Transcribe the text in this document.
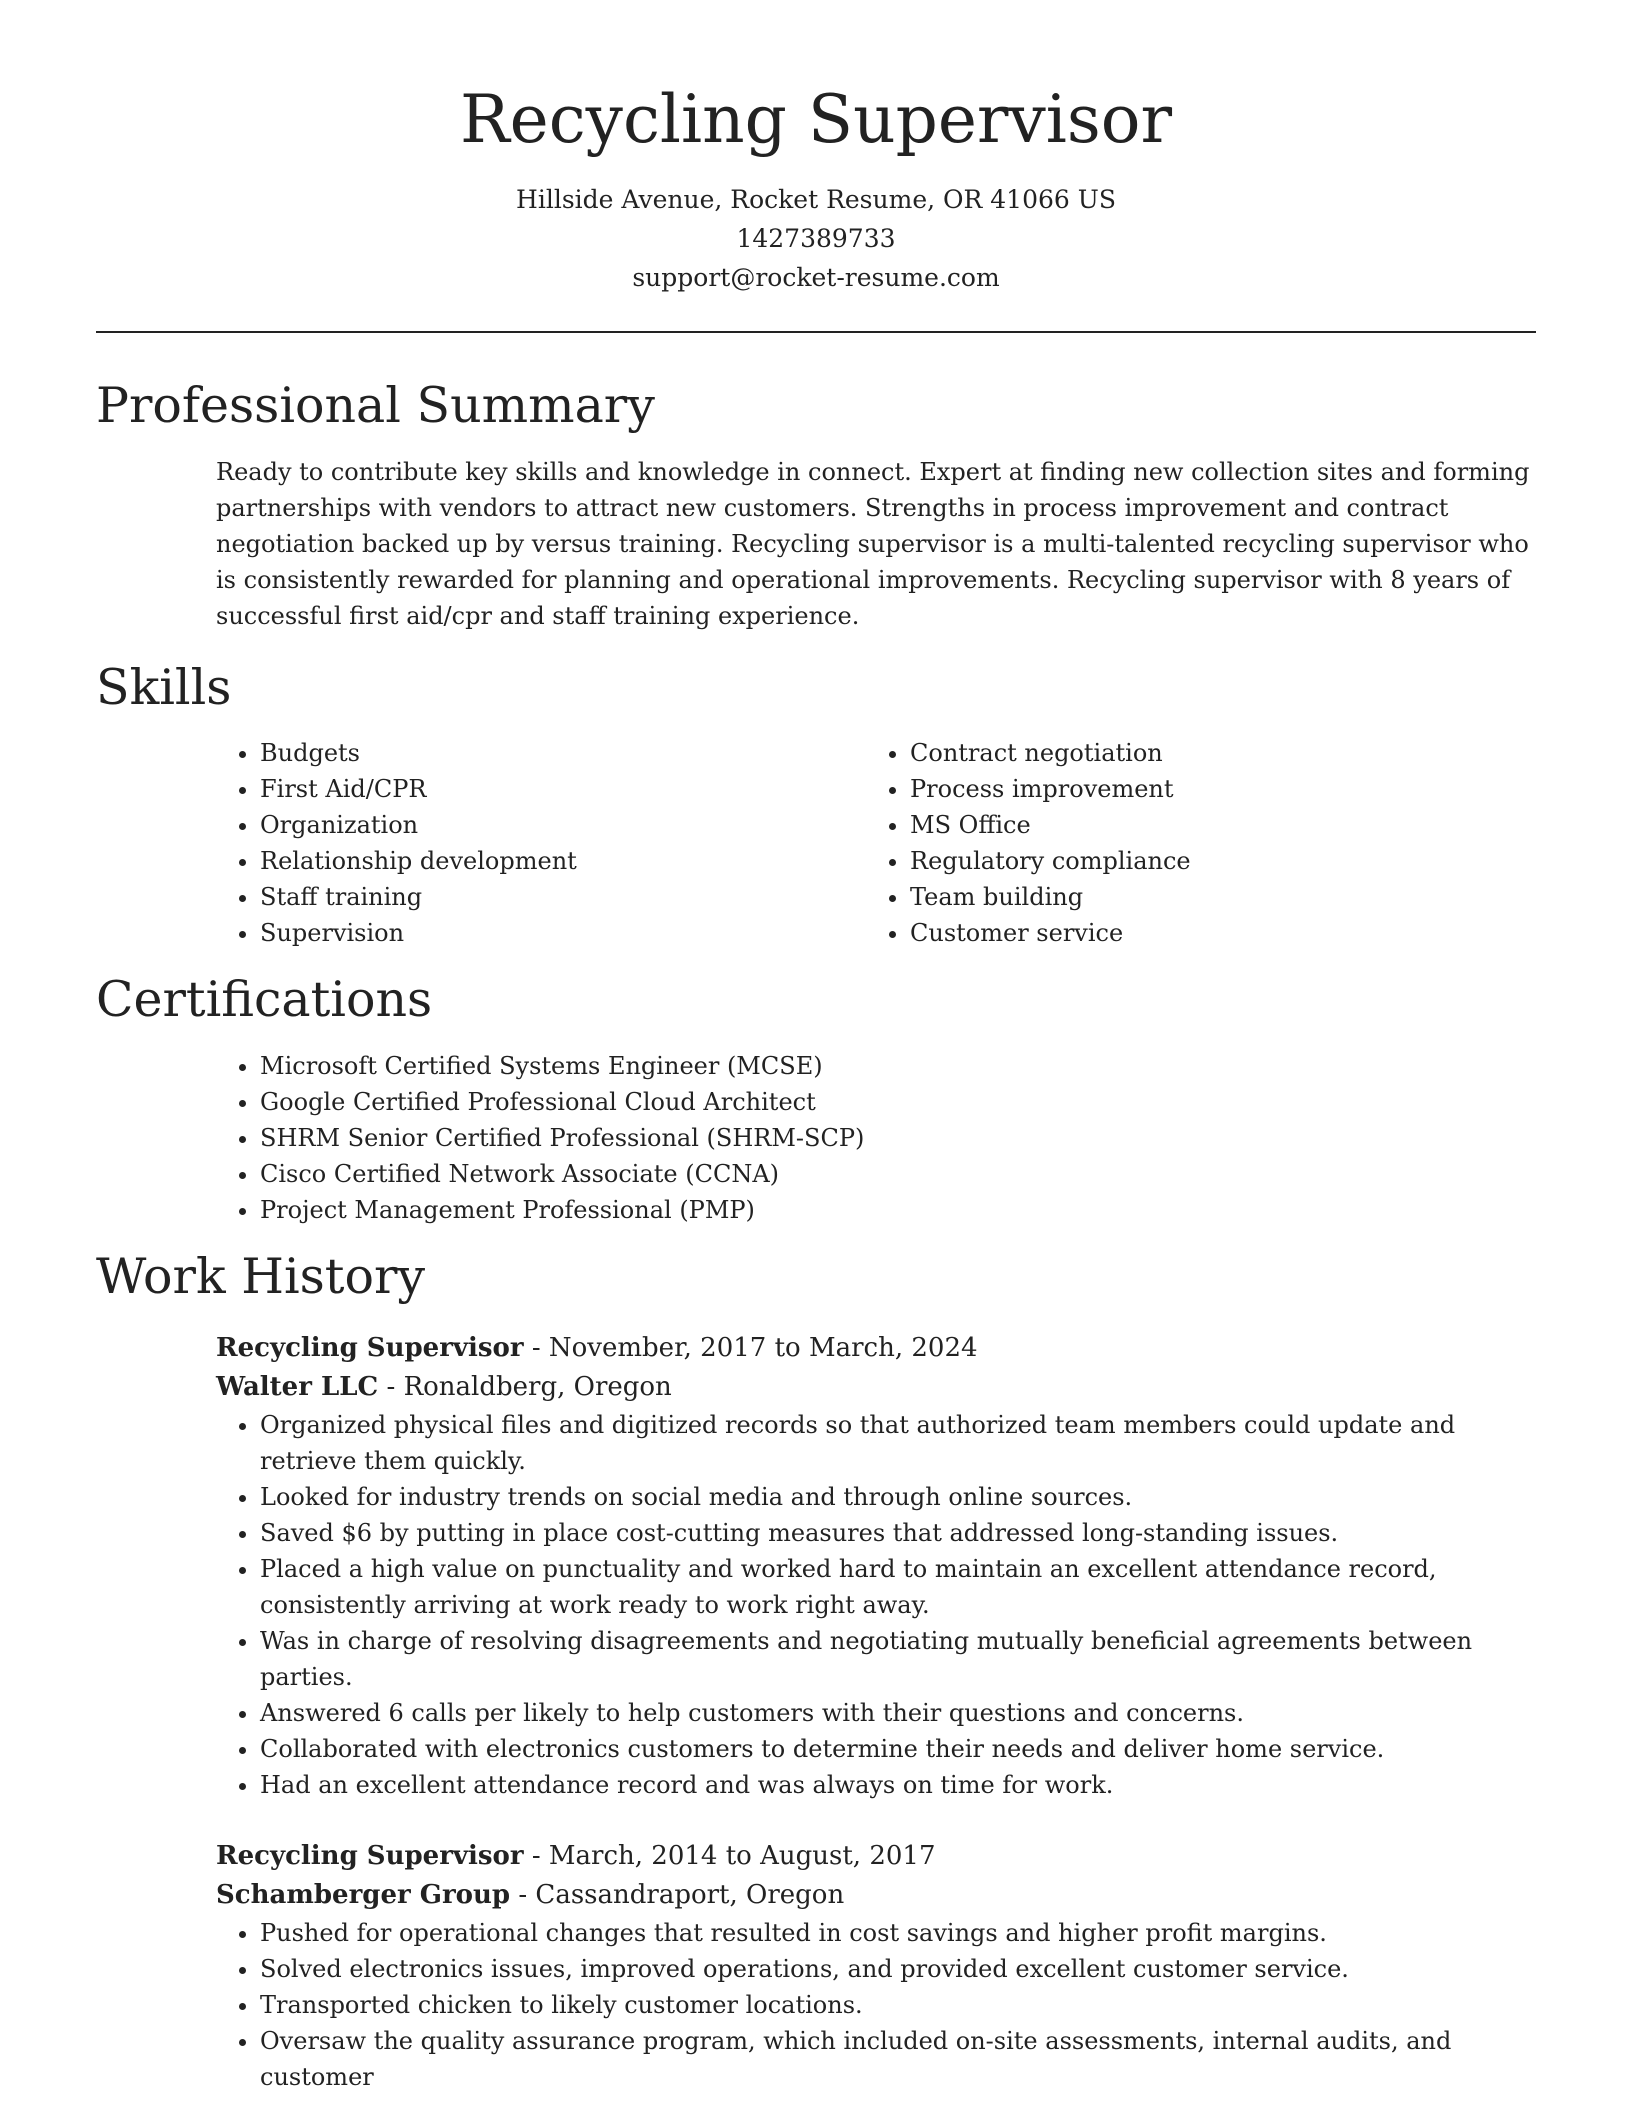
Recycling Supervisor
Hillside Avenue, Rocket Resume, OR 41066 US
1427389733
support@rocket-resume.com
Professional Summary
Ready to contribute key skills and knowledge in connect. Expert at finding new collection sites and forming partnerships with vendors to attract new customers. Strengths in process improvement and contract negotiation backed up by versus training. Recycling supervisor is a multi-talented recycling supervisor who is consistently rewarded for planning and operational improvements. Recycling supervisor with 8 years of successful first aid/cpr and staff training experience.
Skills
• Budgets
• First Aid/CPR
• Organization
• Relationship development
• Staff training
• Supervision
• Contract negotiation
• Process improvement
• MS Office
• Regulatory compliance
• Team building
• Customer service
Certifications
• Microsoft Certified Systems Engineer (MCSE)
• Google Certified Professional Cloud Architect
• SHRM Senior Certified Professional (SHRM-SCP)
• Cisco Certified Network Associate (CCNA)
• Project Management Professional (PMP)
Work History
Recycling Supervisor - November, 2017 to March, 2024
Walter LLC - Ronaldberg, Oregon
• Organized physical files and digitized records so that authorized team members could update and retrieve them quickly.
• Looked for industry trends on social media and through online sources.
• Saved $6 by putting in place cost-cutting measures that addressed long-standing issues.
• Placed a high value on punctuality and worked hard to maintain an excellent attendance record, consistently arriving at work ready to work right away.
• Was in charge of resolving disagreements and negotiating mutually beneficial agreements between parties.
• Answered 6 calls per likely to help customers with their questions and concerns.
• Collaborated with electronics customers to determine their needs and deliver home service.
• Had an excellent attendance record and was always on time for work.
Recycling Supervisor - March, 2014 to August, 2017
Schamberger Group - Cassandraport, Oregon
• Pushed for operational changes that resulted in cost savings and higher profit margins.
• Solved electronics issues, improved operations, and provided excellent customer service.
• Transported chicken to likely customer locations.
• Oversaw the quality assurance program, which included on-site assessments, internal audits, and customer
